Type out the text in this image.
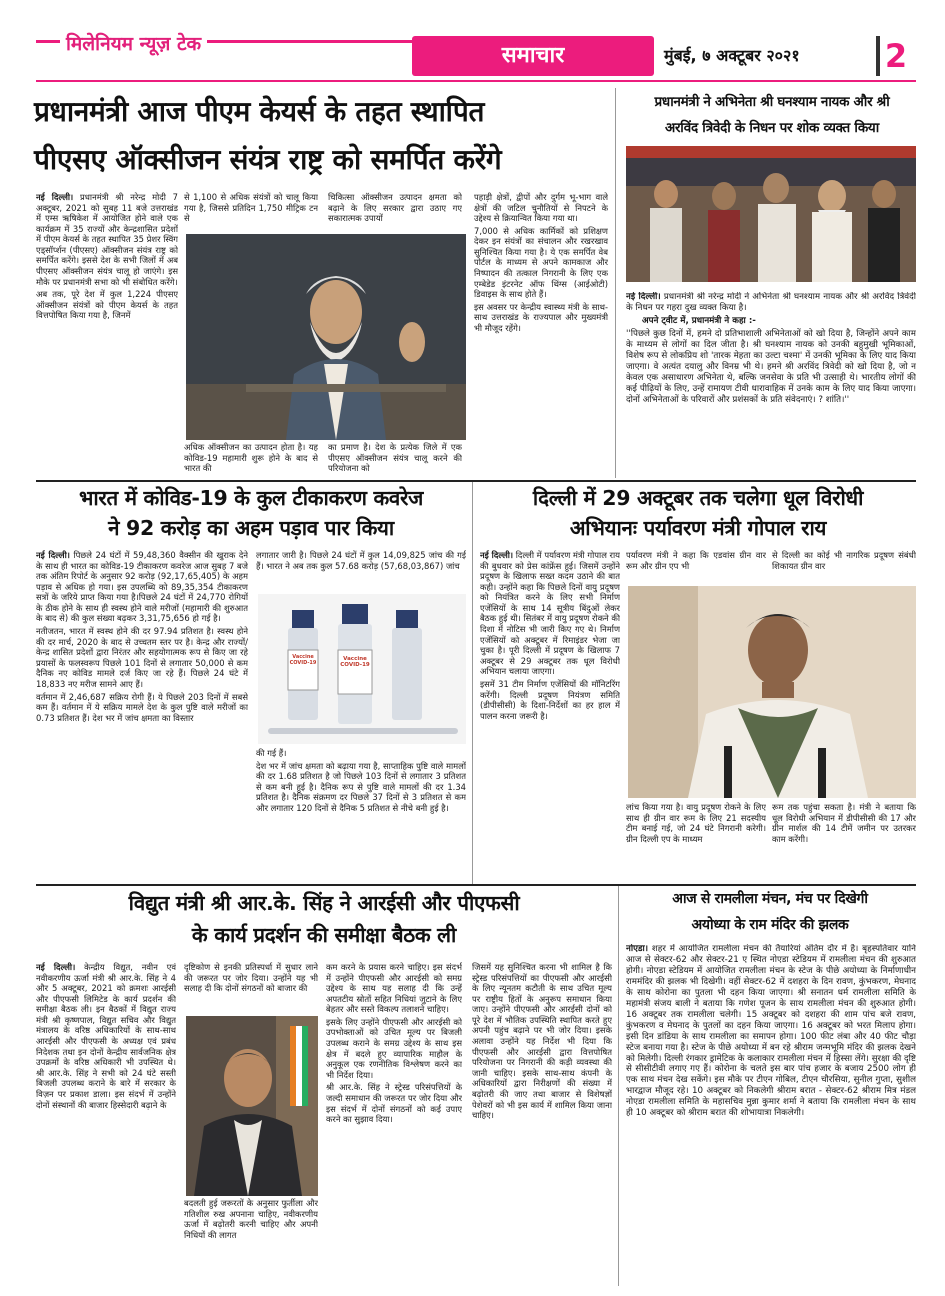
मिलेनियम न्यूज़ टेक	समाचार	मुंबई, ७ अक्टूबर २०२१	2
प्रधानमंत्री आज पीएम केयर्स के तहत स्थापित
पीएसए ऑक्सीजन संयंत्र राष्ट्र को समर्पित करेंगे

नई दिल्ली। प्रधानमंत्री श्री नरेन्द्र मोदी 7 अक्टूबर, 2021 को सुबह 11 बजे उत्तराखंड में एम्स ऋषिकेश में आयोजित होने वाले एक कार्यक्रम में 35 राज्यों और केन्द्रशासित प्रदेशों में पीएम केयर्स के तहत स्थापित 35 प्रेशर स्विंग एड्सॉर्प्शन (पीएसए) ऑक्सीजन संयंत्र राष्ट्र को समर्पित करेंगे। इससे देश के सभी जिलों में अब पीएसए ऑक्सीजन संयंत्र चालू हो जाएंगे। इस मौके पर प्रधानमंत्री सभा को भी संबोधित करेंगे।

अब तक, पूरे देश में कुल 1,224 पीएसए ऑक्सीजन संयंत्रों को पीएम केयर्स के तहत वित्तपोषित किया गया है, जिनमें

से 1,100 से अधिक संयंत्रों को चालू किया गया है, जिससे प्रतिदिन 1,750 मीट्रिक टन से

चिकित्सा ऑक्सीजन उत्पादन क्षमता को बढ़ाने के लिए सरकार द्वारा उठाए गए सकारात्मक उपायों

अधिक ऑक्सीजन का उत्पादन होता है। यह कोविड-19 महामारी शुरू होने के बाद से भारत की

का प्रमाण है। देश के प्रत्येक जिले में एक पीएसए ऑक्सीजन संयंत्र चालू करने की परियोजना को

पहाड़ी क्षेत्रों, द्वीपों और दुर्गम भू-भाग वाले क्षेत्रों की जटिल चुनौतियों से निपटने के उद्देश्य से क्रियान्वित किया गया था।

7,000 से अधिक कार्मिकों को प्रशिक्षण देकर इन संयंत्रों का संचालन और रखरखाव सुनिश्चित किया गया है। ये एक समर्पित वेब पोर्टल के माध्यम से अपने कामकाज और निष्पादन की तत्काल निगरानी के लिए एक एम्बेडेड इंटरनेट ऑफ थिंग्स (आईओटी) डिवाइस के साथ होते हैं।

इस अवसर पर केन्द्रीय स्वास्थ्य मंत्री के साथ-साथ उत्तराखंड के राज्यपाल और मुख्यमंत्री भी मौजूद रहेंगे।

प्रधानमंत्री ने अभिनेता श्री घनश्याम नायक और श्री
अरविंद त्रिवेदी के निधन पर शोक व्यक्त किया

नई दिल्ली। प्रधानमंत्री श्री नरेन्द्र मोदी ने अभिनेता श्री घनश्याम नायक और श्री अरविंद त्रिवेदी के निधन पर गहरा दुख व्यक्त किया है।

अपने ट्वीट में, प्रधानमंत्री ने कहा :-

''पिछले कुछ दिनों में, हमने दो प्रतिभाशाली अभिनेताओं को खो दिया है, जिन्होंने अपने काम के माध्यम से लोगों का दिल जीता है। श्री घनश्याम नायक को उनकी बहुमुखी भूमिकाओं, विशेष रूप से लोकप्रिय शो 'तारक मेहता का उल्टा चश्मा' में उनकी भूमिका के लिए याद किया जाएगा। वे अत्यंत दयालु और विनम्र भी थे। हमने श्री अरविंद त्रिवेदी को खो दिया है, जो न केवल एक असाधारण अभिनेता थे, बल्कि जनसेवा के प्रति भी उत्साही थे। भारतीय लोगों की कई पीढ़ियों के लिए, उन्हें रामायण टीवी धारावाहिक में उनके काम के लिए याद किया जाएगा। दोनों अभिनेताओं के परिवारों और प्रशंसकों के प्रति संवेदनाएं। ? शांति।''

भारत में कोविड-19 के कुल टीकाकरण कवरेज
ने 92 करोड़ का अहम पड़ाव पार किया

नई दिल्ली। पिछले 24 घंटों में 59,48,360 वैक्सीन की खुराक देने के साथ ही भारत का कोविड-19 टीकाकरण कवरेज आज सुबह 7 बजे तक अंतिम रिपोर्ट के अनुसार 92 करोड़ (92,17,65,405) के अहम पड़ाव से अधिक हो गया। इस उपलब्धि को 89,35,354 टीकाकरण सत्रों के जरिये प्राप्त किया गया है।पिछले 24 घंटों में 24,770 रोगियों के ठीक होने के साथ ही स्वस्थ होने वाले मरीजों (महामारी की शुरुआत के बाद से) की कुल संख्या बढ़कर 3,31,75,656 हो गई है।

नतीजतन, भारत में स्वस्थ होने की दर 97.94 प्रतिशत है। स्वस्थ होने की दर मार्च, 2020 के बाद से उच्चतम स्तर पर है। केन्द्र और राज्यों/केन्द्र शासित प्रदेशों द्वारा निरंतर और सहयोगात्मक रूप से किए जा रहे प्रयासों के फलस्वरूप पिछले 101 दिनों से लगातार 50,000 से कम दैनिक नए कोविड मामले दर्ज किए जा रहे हैं। पिछले 24 घंटे में 18,833 नए मरीज सामने आए हैं।

वर्तमान में 2,46,687 सक्रिय रोगी हैं। ये पिछले 203 दिनों में सबसे कम हैं। वर्तमान में ये सक्रिय मामले देश के कुल पुष्टि वाले मरीजों का 0.73 प्रतिशत हैं। देश भर में जांच क्षमता का विस्तार

लगातार जारी है। पिछले 24 घंटों में कुल 14,09,825 जांच की गई हैं। भारत ने अब तक कुल 57.68 करोड़ (57,68,03,867) जांच

Vaccine COVID-19
Vaccine COVID-19

की गई हैं।

देश भर में जांच क्षमता को बढ़ाया गया है, साप्ताहिक पुष्टि वाले मामलों की दर 1.68 प्रतिशत है जो पिछले 103 दिनों से लगातार 3 प्रतिशत से कम बनी हुई है। दैनिक रूप से पुष्टि वाले मामलों की दर 1.34 प्रतिशत है। दैनिक संक्रमण दर पिछले 37 दिनों से 3 प्रतिशत से कम और लगातार 120 दिनों से दैनिक 5 प्रतिशत से नीचे बनी हुई है।

दिल्ली में 29 अक्टूबर तक चलेगा धूल विरोधी
अभियानः पर्यावरण मंत्री गोपाल राय

नई दिल्ली। दिल्ली में पर्यावरण मंत्री गोपाल राय की बुधवार को प्रेस कांफ्रेंस हुई। जिसमें उन्होंने प्रदूषण के खिलाफ सख्त कदम उठाने की बात कही। उन्होंने कहा कि पिछले दिनों वायु प्रदूषण को नियंत्रित करने के लिए सभी निर्माण एजेंसियों के साथ 14 सूत्रीय बिंदुओं लेकर बैठक हुई थी। सितंबर में वायु प्रदूषण रोकने की दिशा में नोटिस भी जारी किए गए थे। निर्माण एजेंसियों को अक्टूबर में रिमाइंडर भेजा जा चुका है। पूरी दिल्ली में प्रदूषण के खिलाफ 7 अक्टूबर से 29 अक्टूबर तक धूल विरोधी अभियान चलाया जाएगा।

इसमें 31 टीम निर्माण एजेंसियों की मॉनिटरिंग करेंगी। दिल्ली प्रदूषण नियंत्रण समिति (डीपीसीसी) के दिशा-निर्देशों का हर हाल में पालन करना जरूरी है।

पर्यावरण मंत्री ने कहा कि एडवांस ग्रीन वार रूम और ग्रीन एप भी

से दिल्ली का कोई भी नागरिक प्रदूषण संबंधी शिकायत ग्रीन वार

लांच किया गया है। वायु प्रदूषण रोकने के लिए साथ ही ग्रीन वार रूम के लिए 21 सदस्यीय टीम बनाई गई, जो 24 घंटे निगरानी करेगी। ग्रीन दिल्ली एप के माध्यम

रूम तक पहुंचा सकता है। मंत्री ने बताया कि धूल विरोधी अभियान में डीपीसीसी की 17 और ग्रीन मार्शल की 14 टीमें जमीन पर उतरकर काम करेंगी।

विद्युत मंत्री श्री आर.के. सिंह ने आरईसी और पीएफसी
के कार्य प्रदर्शन की समीक्षा बैठक ली

नई दिल्ली। केन्द्रीय विद्युत, नवीन एवं नवीकरणीय ऊर्जा मंत्री श्री आर.के. सिंह ने 4 और 5 अक्टूबर, 2021 को क्रमशः आरईसी और पीएफसी लिमिटेड के कार्य प्रदर्शन की समीक्षा बैठक ली। इन बैठकों में विद्युत राज्य मंत्री श्री कृष्णपाल, विद्युत सचिव और विद्युत मंत्रालय के वरिष्ठ अधिकारियों के साथ-साथ आरईसी और पीएफसी के अध्यक्ष एवं प्रबंध निदेशक तथा इन दोनों केन्द्रीय सार्वजनिक क्षेत्र उपक्रमों के वरिष्ठ अधिकारी भी उपस्थित थे। श्री आर.के. सिंह ने सभी को 24 घंटे सस्ती बिजली उपलब्ध कराने के बारे में सरकार के विज़न पर प्रकाश डाला। इस संदर्भ में उन्होंने दोनों संस्थानों की बाजार हिस्सेदारी बढ़ाने के

दृष्टिकोण से इनकी प्रतिस्पर्धा में सुधार लाने की जरूरत पर जोर दिया। उन्होंने यह भी सलाह दी कि दोनों संगठनों को बाजार की

बदलती हुई जरूरतों के अनुसार फुर्तीला और गतिशील रुख अपनाना चाहिए, नवीकरणीय ऊर्जा में बढ़ोतरी करनी चाहिए और अपनी निधियों की लागत

कम करने के प्रयास करने चाहिए। इस संदर्भ में उन्होंने पीएफसी और आरईसी को समग्र उद्देश्य के साथ यह सलाह दी कि उन्हें अपतटीय स्रोतों सहित निधियां जुटाने के लिए बेहतर और सस्ते विकल्प तलाशने चाहिए।

इसके लिए उन्होंने पीएफसी और आरईसी को उपभोक्ताओं को उचित मूल्य पर बिजली उपलब्ध कराने के समग्र उद्देश्य के साथ इस क्षेत्र में बदले हुए व्यापारिक माहौल के अनुकूल एक रणनीतिक विश्लेषण करने का भी निर्देश दिया।

श्री आर.के. सिंह ने स्ट्रेस्ड परिसंपत्तियों के जल्दी समाधान की जरूरत पर जोर दिया और इस संदर्भ में दोनों संगठनों को कई उपाए करने का सुझाव दिया।

जिसमें यह सुनिश्चित करना भी शामिल है कि स्ट्रेस्ड परिसंपत्तियों का पीएफसी और आरईसी के लिए न्यूनतम कटौती के साथ उचित मूल्य पर राष्ट्रीय हितों के अनुरूप समाधान किया जाए। उन्होंने पीएफसी और आरईसी दोनों को पूरे देश में भौतिक उपस्थिति स्थापित करते हुए अपनी पहुंच बढ़ाने पर भी जोर दिया। इसके अलावा उन्होंने यह निर्देश भी दिया कि पीएफसी और आरईसी द्वारा वित्तपोषित परियोजना पर निगरानी की कड़ी व्यवस्था की जानी चाहिए। इसके साथ-साथ कंपनी के अधिकारियों द्वारा निरीक्षणों की संख्या में बढ़ोतरी की जाए तथा बाजार से विशेषज्ञों पेशेवरों को भी इस कार्य में शामिल किया जाना चाहिए।

आज से रामलीला मंचन, मंच पर दिखेगी
अयोध्या के राम मंदिर की झलक

नोएडा। शहर में आयोजित रामलीला मंचन की तैयारियां अंतिम दौर में है। बृहस्पतिवार यानि आज से सेक्टर-62 और सेक्टर-21 ए स्थित नोएडा स्टेडियम में रामलीला मंचन की शुरुआत होगी। नोएडा स्टेडियम में आयोजित रामलीला मंचन के स्टेज के पीछे अयोध्या के निर्माणाधीन राममंदिर की झलक भी दिखेगी। वहीं सेक्टर-62 में दशहरा के दिन रावण, कुंभकरण, मेघनाद के साथ कोरोना का पुतला भी दहन किया जाएगा। श्री सनातन धर्म रामलीला समिति के महामंत्री संजय बाली ने बताया कि गणेश पूजन के साथ रामलीला मंचन की शुरुआत होगी। 16 अक्टूबर तक रामलीला चलेगी। 15 अक्टूबर को दशहरा की शाम पांच बजे रावण, कुंभकरण व मेघनाद के पुतलों का दहन किया जाएगा। 16 अक्टूबर को भरत मिलाप होगा। इसी दिन डांडिया के साथ रामलीला का समापन होगा। 100 फीट लंबा और 40 फीट चौड़ा स्टेज बनाया गया है। स्टेज के पीछे अयोध्या में बन रहे श्रीराम जन्मभूमि मंदिर की झलक देखने को मिलेगी। दिल्ली रंगकार ड्रामेटिक के कलाकार रामलीला मंचन में हिस्सा लेंगे। सुरक्षा की दृष्टि से सीसीटीवी लगाए गए हैं। कोरोना के चलते इस बार पांच हजार के बजाय 2500 लोग ही एक साथ मंचन देख सकेंगे। इस मौके पर टीएन गोबिल, टीएन चौरसिया, सुनील गुप्ता, सुशील भारद्वाज मौजूद रहे। 10 अक्टूबर को निकलेगी श्रीराम बरात - सेक्टर-62 श्रीराम मित्र मंडल नोएडा रामलीला समिति के महासचिव मुन्ना कुमार शर्मा ने बताया कि रामलीला मंचन के साथ ही 10 अक्टूबर को श्रीराम बरात की शोभायात्रा निकलेगी।
